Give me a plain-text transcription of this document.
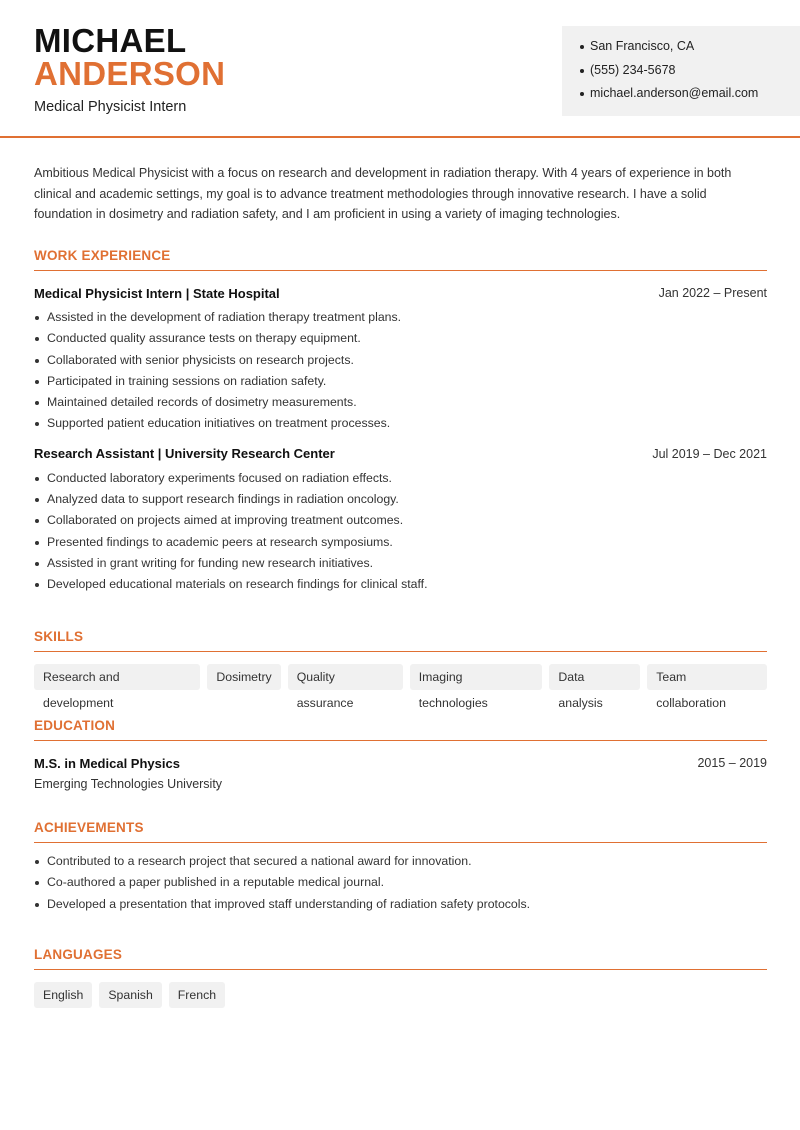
MICHAEL
ANDERSON
Medical Physicist Intern
San Francisco, CA
(555) 234-5678
michael.anderson@email.com

Ambitious Medical Physicist with a focus on research and development in radiation therapy. With 4 years of experience in both clinical and academic settings, my goal is to advance treatment methodologies through innovative research. I have a solid foundation in dosimetry and radiation safety, and I am proficient in using a variety of imaging technologies.

WORK EXPERIENCE
Medical Physicist Intern | State Hospital	Jan 2022 – Present
Assisted in the development of radiation therapy treatment plans.
Conducted quality assurance tests on therapy equipment.
Collaborated with senior physicists on research projects.
Participated in training sessions on radiation safety.
Maintained detailed records of dosimetry measurements.
Supported patient education initiatives on treatment processes.
Research Assistant | University Research Center	Jul 2019 – Dec 2021
Conducted laboratory experiments focused on radiation effects.
Analyzed data to support research findings in radiation oncology.
Collaborated on projects aimed at improving treatment outcomes.
Presented findings to academic peers at research symposiums.
Assisted in grant writing for funding new research initiatives.
Developed educational materials on research findings for clinical staff.
SKILLS
Research and development
Dosimetry	Quality assurance
Imaging technologies
Data analysis
Team collaboration
EDUCATION
M.S. in Medical Physics	2015 – 2019
Emerging Technologies University
ACHIEVEMENTS
Contributed to a research project that secured a national award for innovation.
Co-authored a paper published in a reputable medical journal.
Developed a presentation that improved staff understanding of radiation safety protocols.
LANGUAGES
English	Spanish	French
